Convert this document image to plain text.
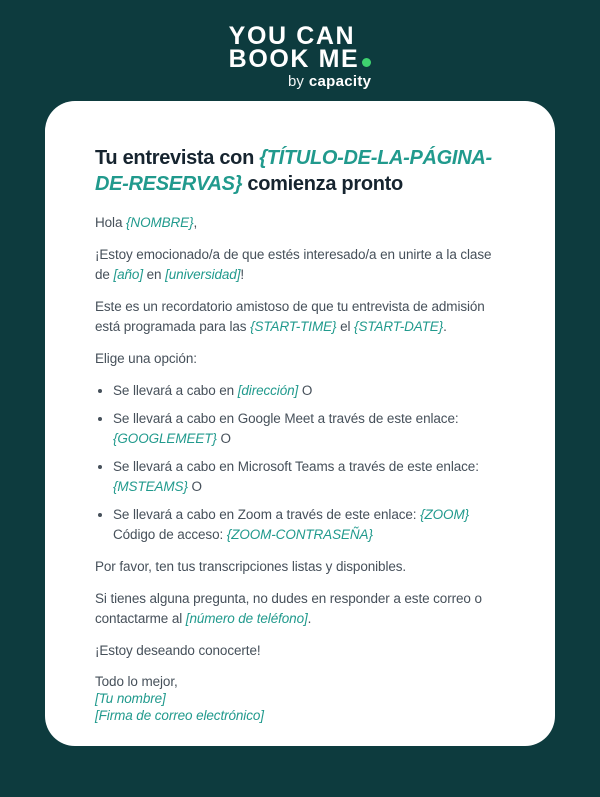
YOU CAN
BOOK ME
by capacity
Tu entrevista con {TÍTULO-DE-LA-PÁGINA-DE-RESERVAS} comienza pronto

Hola {NOMBRE},

¡Estoy emocionado/a de que estés interesado/a en unirte a la clase de [año] en [universidad]!

Este es un recordatorio amistoso de que tu entrevista de admisión está programada para las {START-TIME} el {START-DATE}.

Elige una opción:

• Se llevará a cabo en [dirección] O
• Se llevará a cabo en Google Meet a través de este enlace: {GOOGLEMEET} O
• Se llevará a cabo en Microsoft Teams a través de este enlace: {MSTEAMS} O
• Se llevará a cabo en Zoom a través de este enlace: {ZOOM}
Código de acceso: {ZOOM-CONTRASEÑA}

Por favor, ten tus transcripciones listas y disponibles.

Si tienes alguna pregunta, no dudes en responder a este correo o contactarme al [número de teléfono].

¡Estoy deseando conocerte!

Todo lo mejor,
[Tu nombre]
[Firma de correo electrónico]
